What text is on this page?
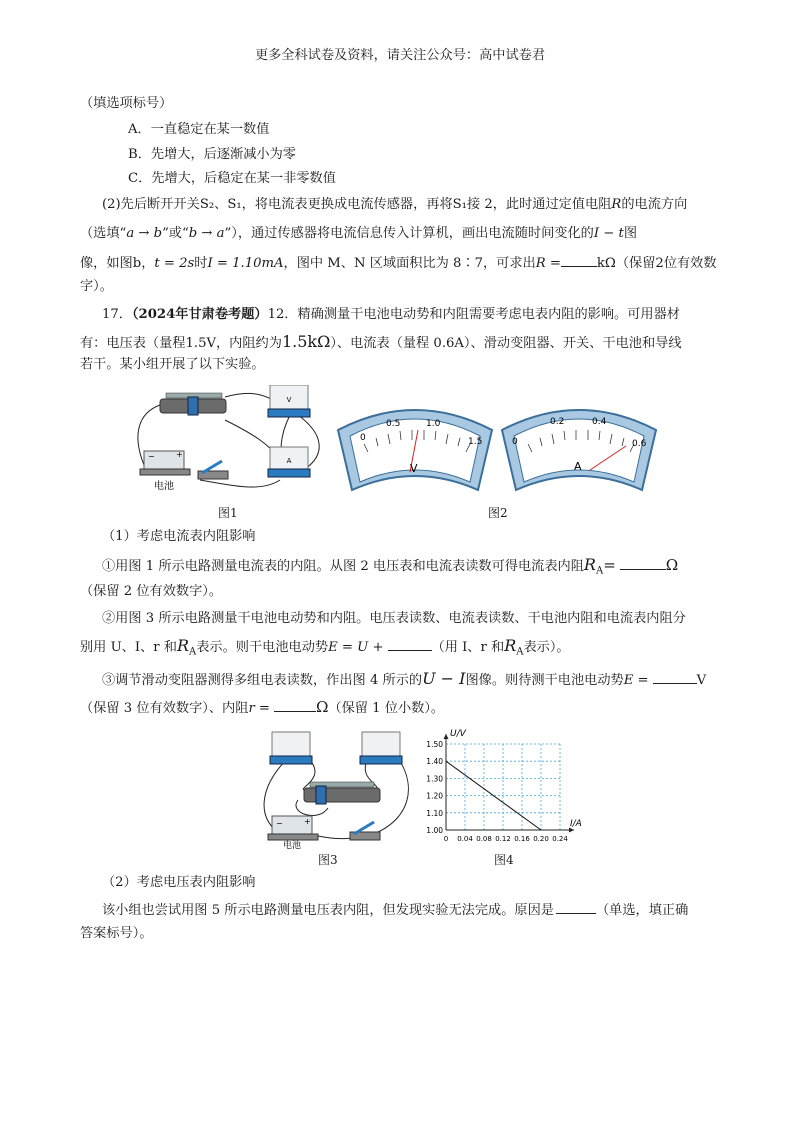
更多全科试卷及资料，请关注公众号：高中试卷君
（填选项标号）
A．一直稳定在某一数值
B．先增大，后逐渐减小为零
C．先增大，后稳定在某一非零数值
(2)先后断开开关S₂、S₁，将电流表更换成电流传感器，再将S₁接 2，此时通过定值电阻R的电流方向
（选填“a → b”或“b → a”），通过传感器将电流信息传入计算机，画出电流随时间变化的I − t图
像，如图b，t = 2s时I = 1.10mA，图中 M、N 区域面积比为 8∶7，可求出R =	kΩ（保留2位有效数
字）。
17．（2024年甘肃卷考题）12．精确测量干电池电动势和内阻需要考虑电表内阻的影响。可用器材
有：电压表（量程1.5V，内阻约为1.5kΩ）、电流表（量程 0.6A）、滑动变阻器、开关、干电池和导线
若干。某小组开展了以下实验。
V
A
−	+
电池
图1
0
0.5	1.0
1.5
V
0
0.2	0.4
0.6
A
图2
（1）考虑电流表内阻影响
①用图 1 所示电路测量电流表的内阻。从图 2 电压表和电流表读数可得电流表内阻$R_A=$	Ω
（保留 2 位有效数字）。
②用图 3 所示电路测量干电池电动势和内阻。电压表读数、电流表读数、干电池内阻和电流表内阻分
别用 U、I、r 和$R_A$表示。则干电池电动势E = U +	（用 I、r 和$R_A$表示）。
③调节滑动变阻器测得多组电表读数，作出图 4 所示的U − I图像。则待测干电池电动势E =	V
（保留 3 位有效数字）、内阻r =	Ω（保留 1 位小数）。
−	+
电池
图3
0 0.04 0.08 0.12 0.16 0.20 0.24
1.00
1.10
1.20
1.30
1.40
1.50
U/V
I/A
图4
（2）考虑电压表内阻影响
该小组也尝试用图 5 所示电路测量电压表内阻，但发现实验无法完成。原因是	（单选，填正确
答案标号）。
